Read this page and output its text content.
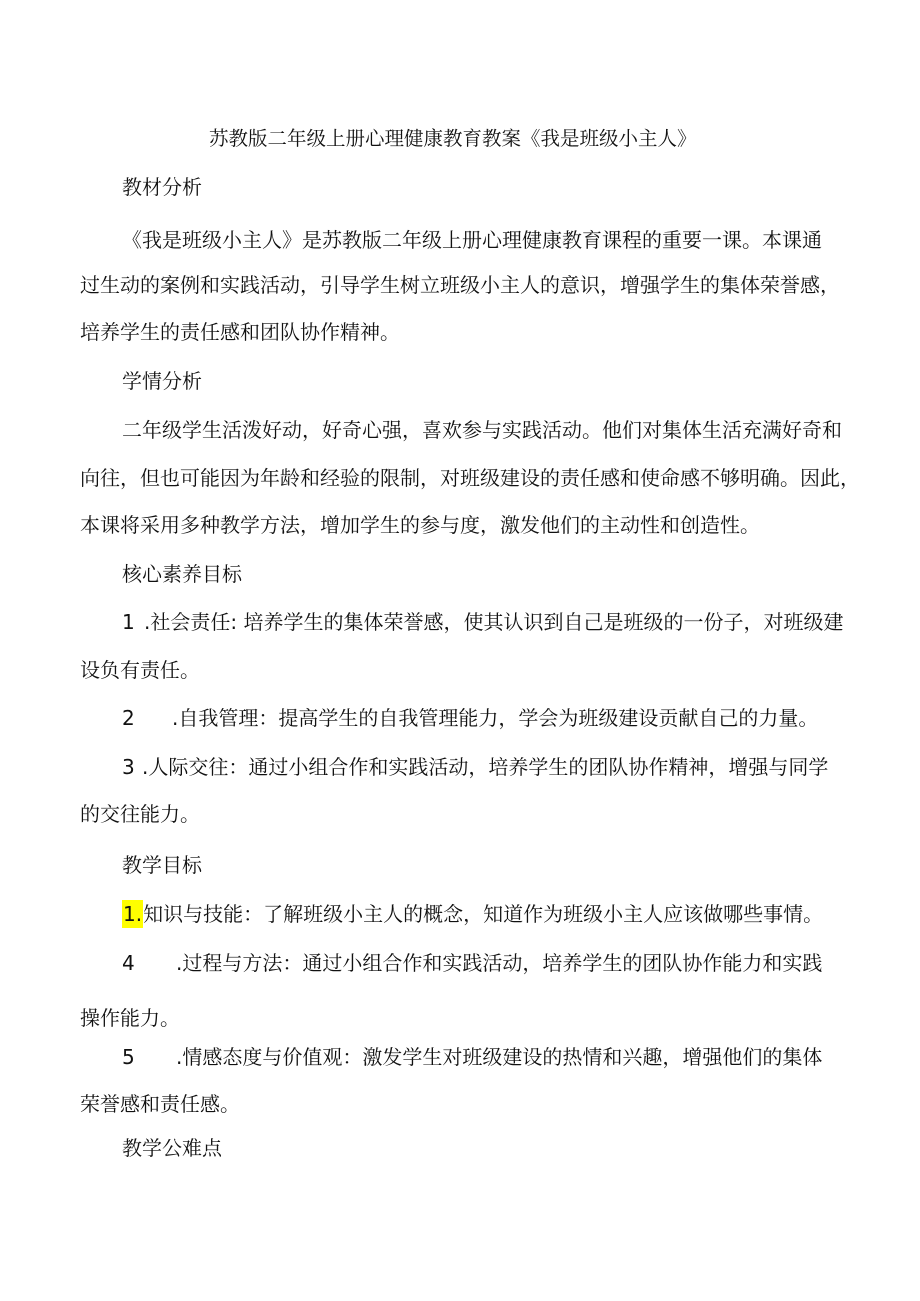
苏教版二年级上册心理健康教育教案《我是班级小主人》
教材分析
《我是班级小主人》是苏教版二年级上册心理健康教育课程的重要一课。本课通
过生动的案例和实践活动，引导学生树立班级小主人的意识，增强学生的集体荣誉感，
培养学生的责任感和团队协作精神。
学情分析
二年级学生活泼好动，好奇心强，喜欢参与实践活动。他们对集体生活充满好奇和
向往，但也可能因为年龄和经验的限制，对班级建设的责任感和使命感不够明确。因此，
本课将采用多种教学方法，增加学生的参与度，激发他们的主动性和创造性。
核心素养目标
1 .社会责任: 培养学生的集体荣誉感，使其认识到自己是班级的一份子，对班级建
设负有责任。
2 .自我管理：提高学生的自我管理能力，学会为班级建设贡献自己的力量。
3 .人际交往：通过小组合作和实践活动，培养学生的团队协作精神，增强与同学
的交往能力。
教学目标
1.知识与技能：了解班级小主人的概念，知道作为班级小主人应该做哪些事情。
4 .过程与方法：通过小组合作和实践活动，培养学生的团队协作能力和实践
操作能力。
5 .情感态度与价值观：激发学生对班级建设的热情和兴趣，增强他们的集体
荣誉感和责任感。
教学公难点
